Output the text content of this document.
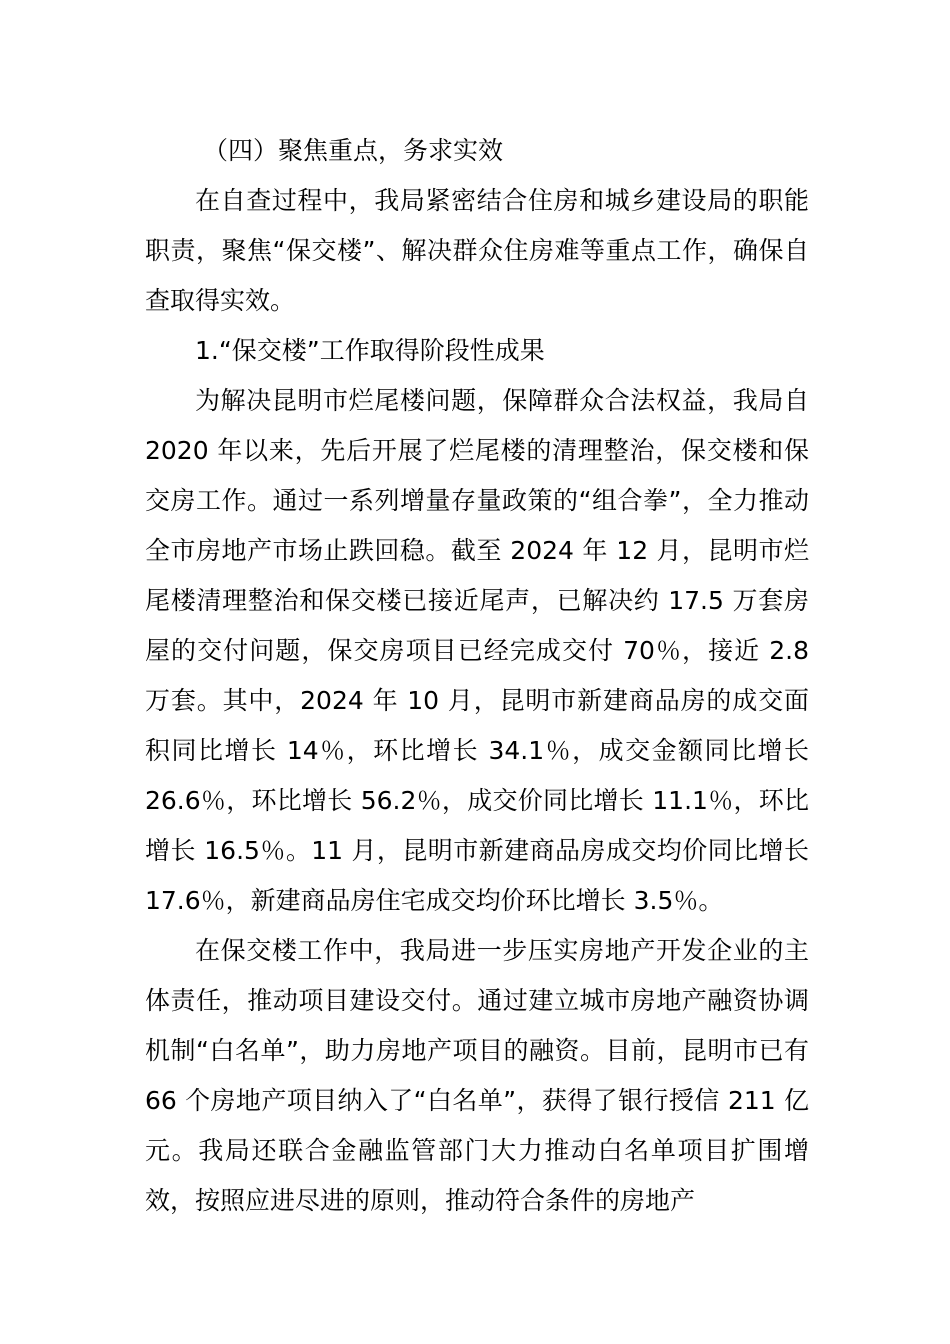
（四）聚焦重点，务求实效

在自查过程中，我局紧密结合住房和城乡建设局的职能职责，聚焦“保交楼”、解决群众住房难等重点工作，确保自查取得实效。

1.“保交楼”工作取得阶段性成果

为解决昆明市烂尾楼问题，保障群众合法权益，我局自 2020 年以来，先后开展了烂尾楼的清理整治，保交楼和保交房工作。通过一系列增量存量政策的“组合拳”，全力推动全市房地产市场止跌回稳。截至 2024 年 12 月，昆明市烂尾楼清理整治和保交楼已接近尾声，已解决约 17.5 万套房屋的交付问题，保交房项目已经完成交付 70％，接近 2.8 万套。其中，2024 年 10 月，昆明市新建商品房的成交面积同比增长 14％，环比增长 34.1％，成交金额同比增长 26.6％，环比增长 56.2％，成交价同比增长 11.1％，环比增长 16.5％。11 月，昆明市新建商品房成交均价同比增长 17.6％，新建商品房住宅成交均价环比增长 3.5％。

在保交楼工作中，我局进一步压实房地产开发企业的主体责任，推动项目建设交付。通过建立城市房地产融资协调机制“白名单”，助力房地产项目的融资。目前，昆明市已有 66 个房地产项目纳入了“白名单”，获得了银行授信 211 亿元。我局还联合金融监管部门大力推动白名单项目扩围增效，按照应进尽进的原则，推动符合条件的房地产
